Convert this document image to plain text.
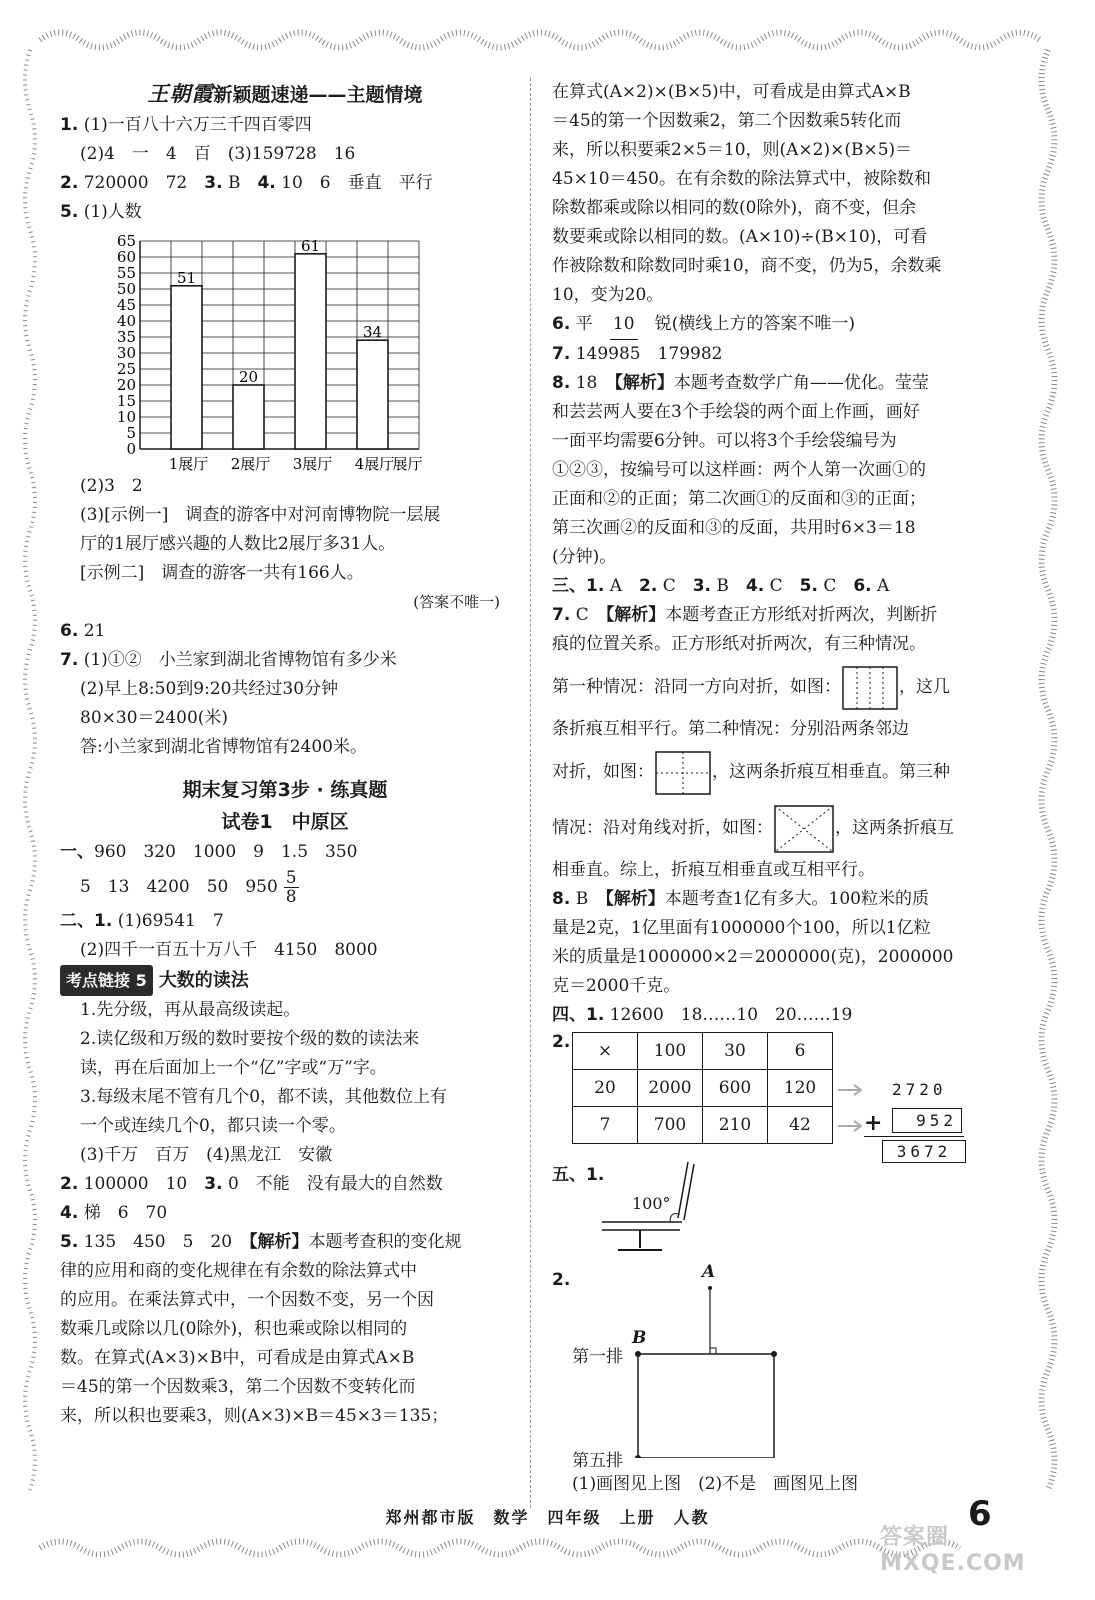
王朝霞新颖题速递——主题情境
1. (1)一百八十六万三千四百零四
(2)4　一　4　百　(3)159728　16
2. 720000　72　 3. B　 4. 10　6　垂直　平行
5. (1)人数
0
5
10
15
20
25
30
35
40
45
50
55
60
65
51
1展厅
20
2展厅
61
3展厅
34
4展厅
展厅
(2)3　2
(3)[示例一]　调查的游客中对河南博物院一层展
厅的1展厅感兴趣的人数比2展厅多31人。
[示例二]　调查的游客一共有166人。
(答案不唯一)
6. 21
7. (1)①②　小兰家到湖北省博物馆有多少米
(2)早上8:50到9:20共经过30分钟
80×30＝2400(米)
答:小兰家到湖北省博物馆有2400米。
期末复习第3步 · 练真题
试卷1　中原区
一、960　320　1000　9　1.5　350
5　13　4200　50　$950 \frac{5}{8}$
二、1. (1)69541　7
(2)四千一百五十万八千　4150　8000
考点链接 5 大数的读法
1.先分级，再从最高级读起。
2.读亿级和万级的数时要按个级的数的读法来
读，再在后面加上一个“亿”字或“万”字。
3.每级末尾不管有几个0，都不读，其他数位上有
一个或连续几个0，都只读一个零。
(3)千万　百万　(4)黑龙江　安徽
2. 100000　10　 3. 0　不能　没有最大的自然数
4. 梯　6　70
5. 135　450　5　20　 【解析】本题考查积的变化规
律的应用和商的变化规律在有余数的除法算式中
的应用。在乘法算式中，一个因数不变，另一个因
数乘几或除以几(0除外)，积也乘或除以相同的
数。在算式(A×3)×B中，可看成是由算式A×B
＝45的第一个因数乘3，第二个因数不变转化而
来，所以积也要乘3，则(A×3)×B＝45×3＝135；
在算式(A×2)×(B×5)中，可看成是由算式A×B
＝45的第一个因数乘2，第二个因数乘5转化而
来，所以积要乘2×5＝10，则(A×2)×(B×5)＝
45×10＝450。在有余数的除法算式中，被除数和
除数都乘或除以相同的数(0除外)，商不变，但余
数要乘或除以相同的数。(A×10)÷(B×10)，可看
作被除数和除数同时乘10，商不变，仍为5，余数乘
10，变为20。
6. 平　 10　 锐(横线上方的答案不唯一)
7. 149985　179982
8. 18　 【解析】本题考查数学广角——优化。莹莹
和芸芸两人要在3个手绘袋的两个面上作画，画好
一面平均需要6分钟。可以将3个手绘袋编号为
①②③，按编号可以这样画：两个人第一次画①的
正面和②的正面；第二次画①的反面和③的正面；
第三次画②的反面和③的反面，共用时6×3＝18
(分钟)。
三、1. A　 2. C　 3. B　 4. C　 5. C　 6. A
7. C　 【解析】本题考查正方形纸对折两次，判断折
痕的位置关系。正方形纸对折两次，有三种情况。
第一种情况：沿同一方向对折，如图：	，这几
条折痕互相平行。第二种情况：分别沿两条邻边
对折，如图：	，这两条折痕互相垂直。第三种
情况：沿对角线对折，如图：	，这两条折痕互
相垂直。综上，折痕互相垂直或互相平行。
8. B　 【解析】本题考查1亿有多大。100粒米的质
量是2克，1亿里面有1000000个100，所以1亿粒
米的质量是1000000×2＝2000000(克)，2000000
克＝2000千克。
四、1. 12600　18……10　20……19
2. ×	100	30	6
20	2000	600	120
7	700	210	42
2720
+	952
3672
五、1.
100°
2.	A
B
第一排
第五排
(1)画图见上图　(2)不是　画图见上图
郑州都市版　数学　四年级　上册　人教	6
答案圈 MXQE.COM
